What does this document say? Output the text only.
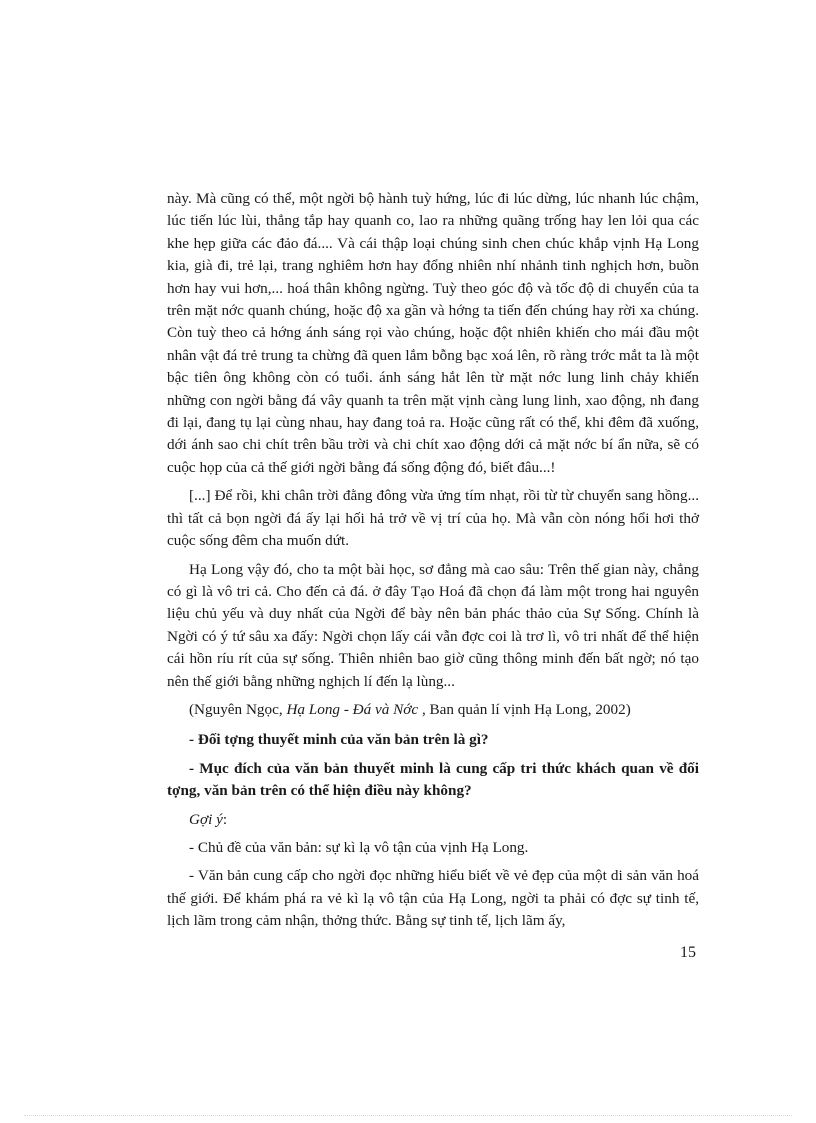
này. Mà cũng có thể, một ngời bộ hành tuỳ hứng, lúc đi lúc dừng, lúc nhanh lúc chậm, lúc tiến lúc lùi, thẳng tắp hay quanh co, lao ra những quãng trống hay len lỏi qua các khe hẹp giữa các đảo đá.... Và cái thập loại chúng sinh chen chúc khắp vịnh Hạ Long kia, già đi, trẻ lại, trang nghiêm hơn hay đổng nhiên nhí nhảnh tinh nghịch hơn, buồn hơn hay vui hơn,... hoá thân không ngừng. Tuỳ theo góc độ và tốc độ di chuyển của ta trên mặt nớc quanh chúng, hoặc độ xa gần và hớng ta tiến đến chúng hay rời xa chúng. Còn tuỳ theo cả hớng ánh sáng rọi vào chúng, hoặc đột nhiên khiến cho mái đầu một nhân vật đá trẻ trung ta chừng đã quen lắm bỗng bạc xoá lên, rõ ràng trớc mắt ta là một bậc tiên ông không còn có tuổi. ánh sáng hắt lên từ mặt nớc lung linh chảy khiến những con ngời bằng đá vây quanh ta trên mặt vịnh càng lung linh, xao động, nh đang đi lại, đang tụ lại cùng nhau, hay đang toả ra. Hoặc cũng rất có thể, khi đêm đã xuống, dới ánh sao chi chít trên bầu trời và chi chít xao động dới cả mặt nớc bí ẩn nữa, sẽ có cuộc họp của cả thế giới ngời bằng đá sống động đó, biết đâu...!

[...] Để rồi, khi chân trời đằng đông vừa ửng tím nhạt, rồi từ từ chuyển sang hồng... thì tất cả bọn ngời đá ấy lại hối hả trở về vị trí của họ. Mà vẫn còn nóng hổi hơi thở cuộc sống đêm cha muốn dứt.

Hạ Long vậy đó, cho ta một bài học, sơ đẳng mà cao sâu: Trên thế gian này, chẳng có gì là vô tri cả. Cho đến cả đá. ở đây Tạo Hoá đã chọn đá làm một trong hai nguyên liệu chủ yếu và duy nhất của Ngời để bày nên bản phác thảo của Sự Sống. Chính là Ngời có ý tứ sâu xa đấy: Ngời chọn lấy cái vẫn đợc coi là trơ lì, vô tri nhất để thể hiện cái hồn ríu rít của sự sống. Thiên nhiên bao giờ cũng thông minh đến bất ngờ; nó tạo nên thế giới bằng những nghịch lí đến lạ lùng...

(Nguyên Ngọc, Hạ Long - Đá và Nớc , Ban quản lí vịnh Hạ Long, 2002)

- Đối tợng thuyết minh của văn bản trên là gì?

- Mục đích của văn bản thuyết minh là cung cấp tri thức khách quan về đối tợng, văn bản trên có thể hiện điều này không?

Gợi ý:

- Chủ đề của văn bản: sự kì lạ vô tận của vịnh Hạ Long.

- Văn bản cung cấp cho ngời đọc những hiểu biết về vẻ đẹp của một di sản văn hoá thế giới. Để khám phá ra vẻ kì lạ vô tận của Hạ Long, ngời ta phải có đợc sự tinh tế, lịch lãm trong cảm nhận, thởng thức. Bằng sự tinh tế, lịch lãm ấy,

15
